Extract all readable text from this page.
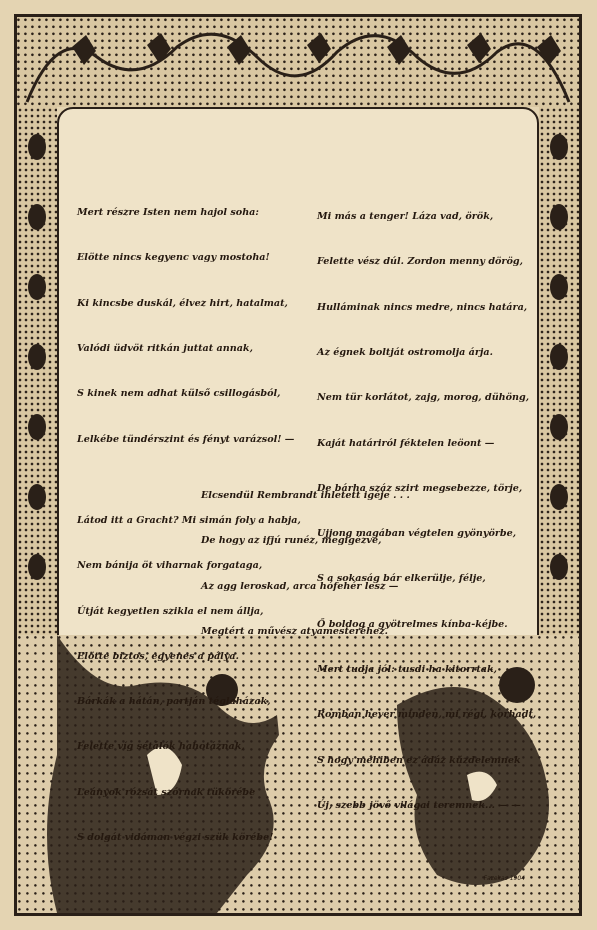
Mert részre Isten nem hajol soha:

Elötte nincs kegyenc vagy mostoha!

Ki kincsbe duskál, élvez hirt, hatalmat,

Valódi üdvöt ritkán juttat annak,

S kinek nem adhat külső csillogásból,

Lelkébe tündérszint és fényt varázsol! —

Látod itt a Gracht? Mi simán foly a habja,

Nem bánija öt viharnak forgataga,

Útját kegyetlen szikla el nem állja,

Elötte biztos, egyenes a pálya.

Bárkák a hátán, partján téglaházak,

Felette víg sétálók hahotáznak,

Leányok rózsát szórnak tükörébe

S dolgát vidáman végzi szük körébe!

Mi más a tenger! Láza vad, örök,

Felette vész dúl. Zordon menny dörög,

Hulláminak nincs medre, nincs határa,

Az égnek boltját ostromolja árja.

Nem tür korlátot, zajg, morog, dühöng,

Kaját határiról féktelen leöont —

De bárha száz szirt megsebezze, törje,

Ujjong magában végtelen gyönyörbe,

S a sokaság bár elkerülje, félje,

Ő boldog a gyötrelmes kínba-kéjbe.

Mert tudja jól: tusdi ha kitorrtak,

Romban hever minden, mi régi, korhadt,

S hogy méhiben ez ádáz küzdelemnek

Új, szebb jövő világai teremnek... — —

Elcsendül Rembrandt ihletett igéje . . .

De hogy az ifjú runéz, megigézve,

Az agg leroskad, arca hófehér lesz —

Megtért a művész atyamesteréhez.

Fazekas 1904
